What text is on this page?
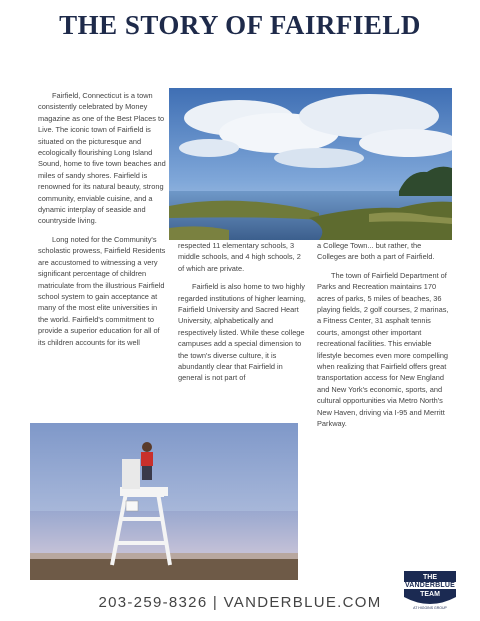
THE STORY OF FAIRFIELD

Fairfield, Connecticut is a town consistently celebrated by Money magazine as one of the Best Places to Live. The iconic town of Fairfield is situated on the picturesque and ecologically flourishing Long Island Sound, home to five town beaches and miles of sandy shores. Fairfield is renowned for its natural beauty, strong community, enviable cuisine, and a dynamic interplay of seaside and countryside living.

Long noted for the Community's scholastic prowess, Fairfield Residents are accustomed to witnessing a very significant percentage of children matriculate from the illustrious Fairfield school system to gain acceptance at many of the most elite universities in the world. Fairfield's commitment to provide a superior education for all of its children accounts for its well

respected 11 elementary schools, 3 middle schools, and 4 high schools, 2 of which are private.

Fairfield is also home to two highly regarded institutions of higher learning, Fairfield University and Sacred Heart University, alphabetically and respectively listed. While these college campuses add a special dimension to the town's diverse culture, it is abundantly clear that Fairfield in general is not part of

a College Town... but rather, the Colleges are both a part of Fairfield.

The town of Fairfield Department of Parks and Recreation maintains 170 acres of parks, 5 miles of beaches, 36 playing fields, 2 golf courses, 2 marinas, a Fitness Center, 31 asphalt tennis courts, amongst other important recreational facilities. This enviable lifestyle becomes even more compelling when realizing that Fairfield offers great transportation access for New England and New York's economic, sports, and cultural opportunities via Metro North's New Haven, driving via I-95 and Merritt Parkway.

203-259-8326 | VANDERBLUE.COM
THE
VANDERBLUE
TEAM
AT HIGGINS GROUP
